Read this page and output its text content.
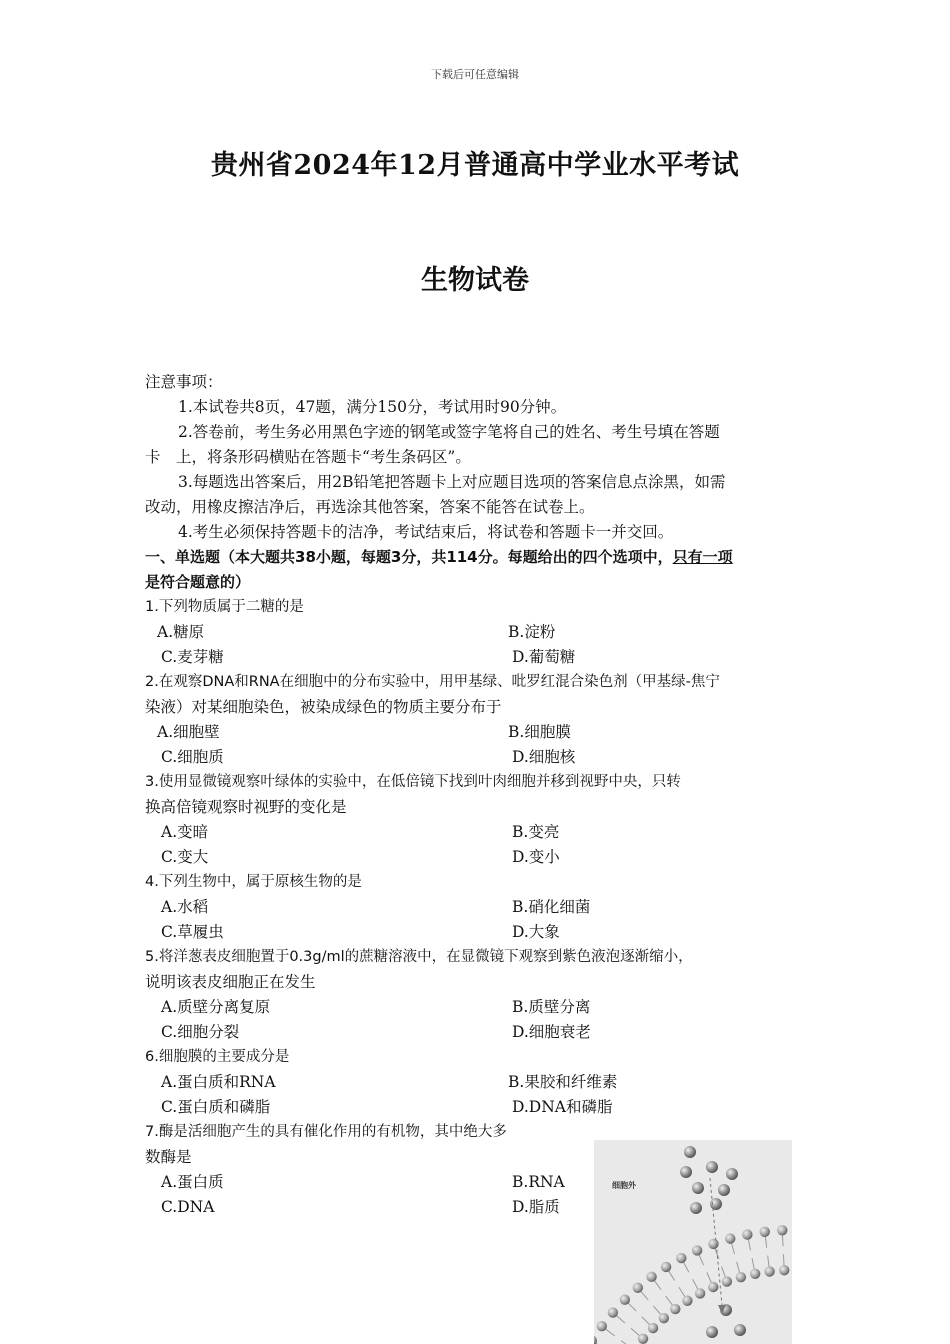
下载后可任意编辑
贵州省2024年12月普通高中学业水平考试
生物试卷
注意事项：
1.本试卷共8页，47题，满分150分，考试用时90分钟。
2.答卷前，考生务必用黑色字迹的钢笔或签字笔将自己的姓名、考生号填在答题
卡　上，将条形码横贴在答题卡“考生条码区”。
3.每题选出答案后，用2B铅笔把答题卡上对应题目选项的答案信息点涂黑，如需
改动，用橡皮擦洁净后，再选涂其他答案，答案不能答在试卷上。
4.考生必须保持答题卡的洁净，考试结束后，将试卷和答题卡一并交回。
一、单选题（本大题共38小题，每题3分，共114分。每题给出的四个选项中，只有一项
是符合题意的）
1.下列物质属于二糖的是
A.糖原	B.淀粉
C.麦芽糖	D.葡萄糖
2.在观察DNA和RNA在细胞中的分布实验中，用甲基绿、吡罗红混合染色剂（甲基绿-焦宁
染液）对某细胞染色，被染成绿色的物质主要分布于
A.细胞壁	B.细胞膜
C.细胞质	D.细胞核
3.使用显微镜观察叶绿体的实验中，在低倍镜下找到叶肉细胞并移到视野中央，只转
换高倍镜观察时视野的变化是
A.变暗	B.变亮
C.变大	D.变小
4.下列生物中，属于原核生物的是
A.水稻	B.硝化细菌
C.草履虫	D.大象
5.将洋葱表皮细胞置于0.3g/ml的蔗糖溶液中，在显微镜下观察到紫色液泡逐渐缩小，
说明该表皮细胞正在发生
A.质壁分离复原	B.质壁分离
C.细胞分裂	D.细胞衰老
6.细胞膜的主要成分是
A.蛋白质和RNA	B.果胶和纤维素
C.蛋白质和磷脂	D.DNA和磷脂
7.酶是活细胞产生的具有催化作用的有机物，其中绝大多
数酶是
A.蛋白质	B.RNA
C.DNA	D.脂质
细胞外
